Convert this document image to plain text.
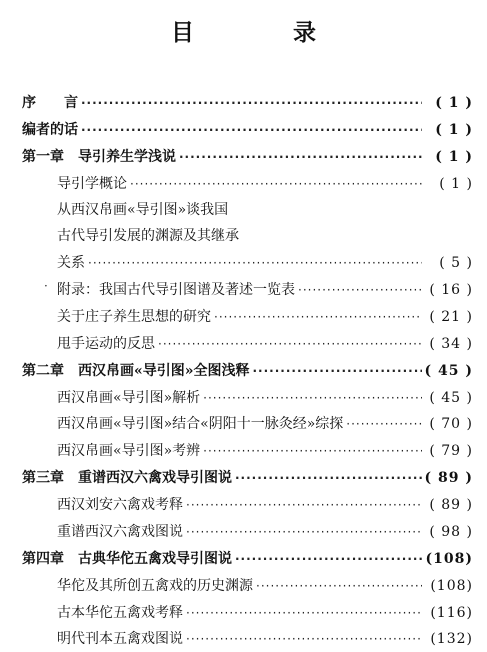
目　录
序　　言 ·····	( 1 )
编者的话 ·····	( 1 )
第一章　导引养生学浅说 ·····	( 1 )
导引学概论 ·····	( 1 )
从西汉帛画«导引图»谈我国
古代导引发展的渊源及其继承
关系 ·····	( 5 )
· 附录：我国古代导引图谱及著述一览表 ·····	( 16 )
关于庄子养生思想的研究 ·····	( 21 )
甩手运动的反思 ·····	( 34 )
第二章　西汉帛画«导引图»全图浅释 ·····	( 45 )
西汉帛画«导引图»解析 ·····	( 45 )
西汉帛画«导引图»结合«阴阳十一脉灸经»综探 ·····	( 70 )
西汉帛画«导引图»考辨 ·····	( 79 )
第三章　重谱西汉六禽戏导引图说 ·····	( 89 )
西汉刘安六禽戏考释 ·····	( 89 )
重谱西汉六禽戏图说 ·····	( 98 )
第四章　古典华佗五禽戏导引图说 ·····	(108)
华佗及其所创五禽戏的历史渊源 ·····	(108)
古本华佗五禽戏考释 ·····	(116)
明代刊本五禽戏图说 ·····	(132)
